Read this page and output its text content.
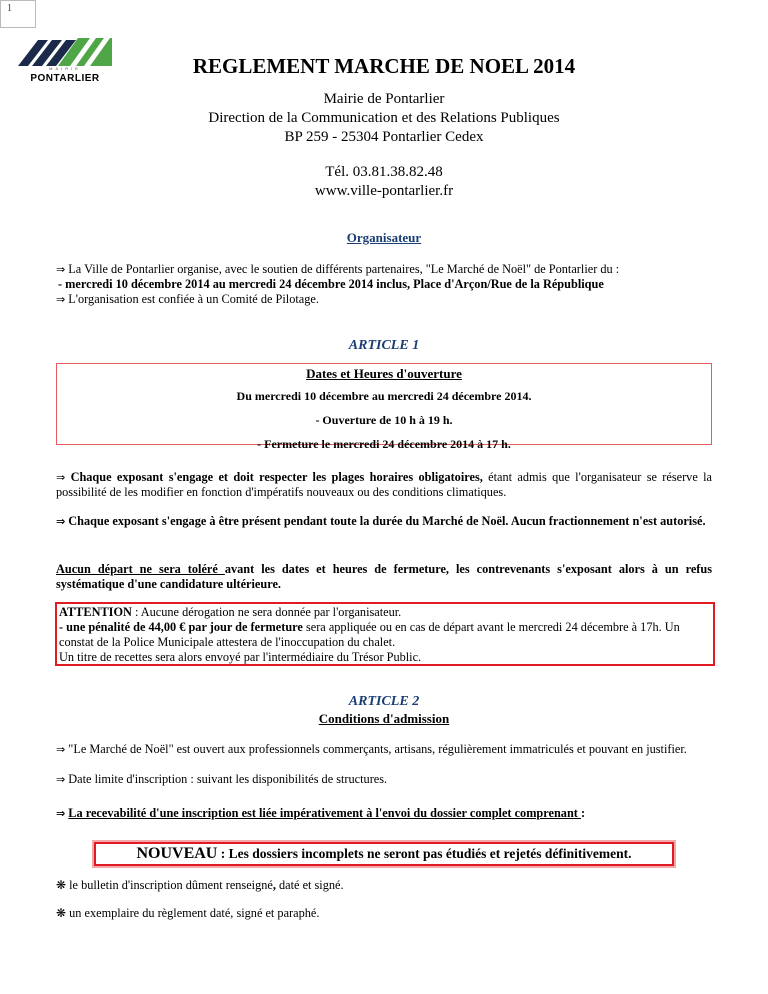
1
MAIRIE
PONTARLIER
REGLEMENT MARCHE DE NOEL 2014
Mairie de Pontarlier
Direction de la Communication et des Relations Publiques
BP 259 - 25304 Pontarlier Cedex
Tél. 03.81.38.82.48
www.ville-pontarlier.fr
Organisateur
⇒ La Ville de Pontarlier organise, avec le soutien de différents partenaires, "Le Marché de Noël" de Pontarlier du :
- mercredi 10 décembre 2014 au mercredi 24 décembre 2014 inclus, Place d'Arçon/Rue de la République
⇒ L'organisation est confiée à un Comité de Pilotage.
ARTICLE 1
Dates et Heures d'ouverture
Du mercredi 10 décembre au mercredi 24 décembre 2014.
- Ouverture de 10 h à 19 h.
- Fermeture le mercredi 24 décembre 2014 à 17 h.
⇒ Chaque exposant s'engage et doit respecter les plages horaires obligatoires, étant admis que l'organisateur se réserve la possibilité de les modifier en fonction d'impératifs nouveaux ou des conditions climatiques.
⇒ Chaque exposant s'engage à être présent pendant toute la durée du Marché de Noël. Aucun fractionnement n'est autorisé.
Aucun départ ne sera toléré avant les dates et heures de fermeture, les contrevenants s'exposant alors à un refus systématique d'une candidature ultérieure.
ATTENTION : Aucune dérogation ne sera donnée par l'organisateur.
- une pénalité de 44,00 € par jour de fermeture sera appliquée ou en cas de départ avant le mercredi 24 décembre à 17h. Un constat de la Police Municipale attestera de l'inoccupation du chalet.
Un titre de recettes sera alors envoyé par l'intermédiaire du Trésor Public.
ARTICLE 2
Conditions d'admission
⇒ "Le Marché de Noël" est ouvert aux professionnels commerçants, artisans, régulièrement immatriculés et pouvant en justifier.
⇒ Date limite d'inscription : suivant les disponibilités de structures.
⇒ La recevabilité d'une inscription est liée impérativement à l'envoi du dossier complet comprenant :
NOUVEAU : Les dossiers incomplets ne seront pas étudiés et rejetés définitivement.
❋ le bulletin d'inscription dûment renseigné, daté et signé.
❋ un exemplaire du règlement daté, signé et paraphé.
